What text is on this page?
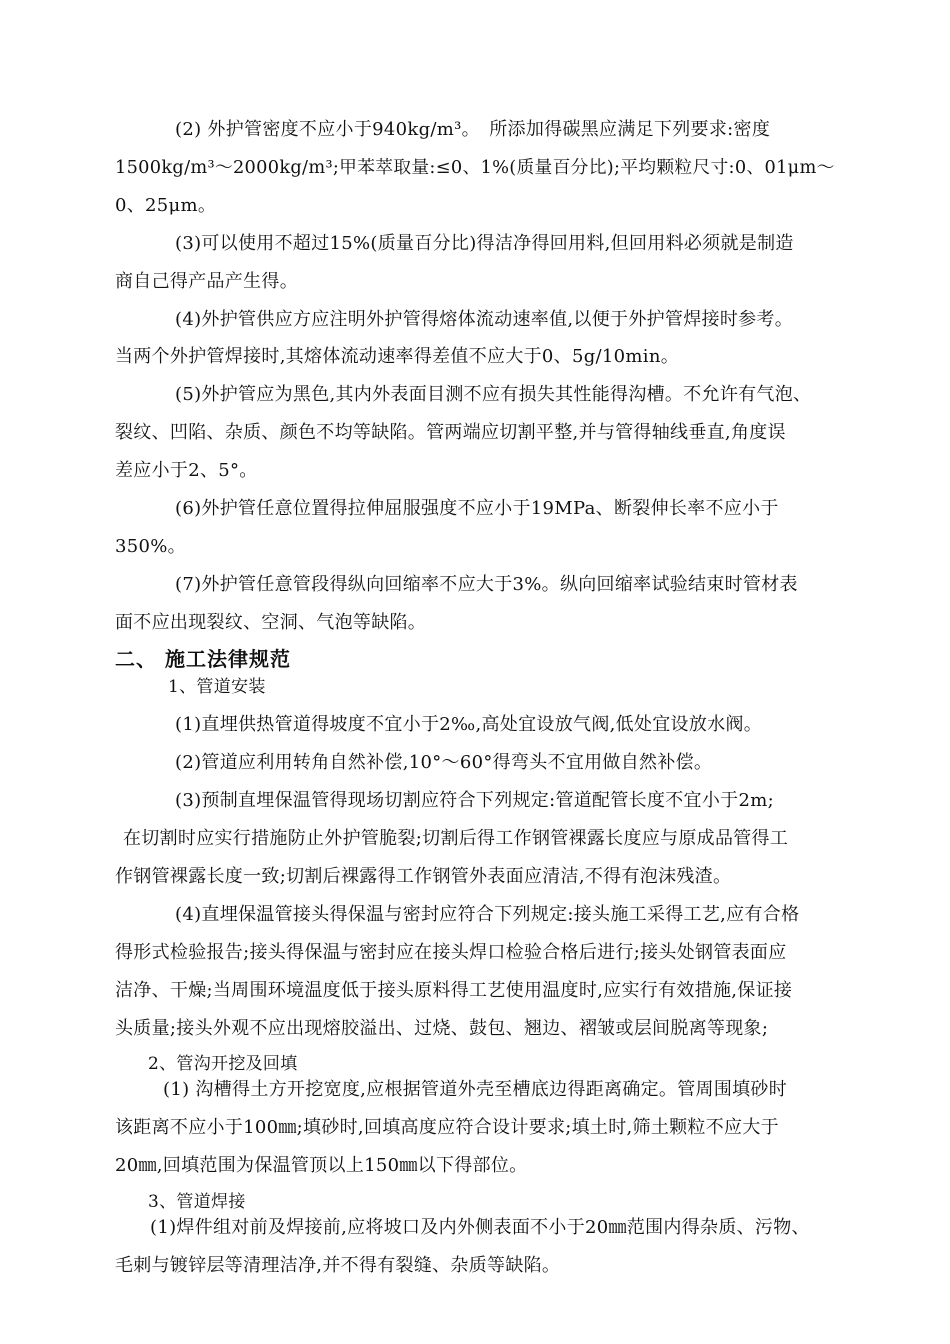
(2) 外护管密度不应小于940kg/m³。　所添加得碳黑应满足下列要求:密度
1500kg/m³～2000kg/m³;甲苯萃取量:≤0、1%(质量百分比);平均颗粒尺寸:0、01μm～
0、25μm。
(3)可以使用不超过15%(质量百分比)得洁净得回用料,但回用料必须就是制造
商自己得产品产生得。
(4)外护管供应方应注明外护管得熔体流动速率值,以便于外护管焊接时参考。
当两个外护管焊接时,其熔体流动速率得差值不应大于0、5g/10min。
(5)外护管应为黑色,其内外表面目测不应有损失其性能得沟槽。不允许有气泡、
裂纹、凹陷、杂质、颜色不均等缺陷。管两端应切割平整,并与管得轴线垂直,角度误
差应小于2、5°。
(6)外护管任意位置得拉伸屈服强度不应小于19MPa、断裂伸长率不应小于
350%。
(7)外护管任意管段得纵向回缩率不应大于3%。纵向回缩率试验结束时管材表
面不应出现裂纹、空洞、气泡等缺陷。
二、 施工法律规范
1、管道安装
(1)直埋供热管道得坡度不宜小于2‰,高处宜设放气阀,低处宜设放水阀。
(2)管道应利用转角自然补偿,10°～60°得弯头不宜用做自然补偿。
(3)预制直埋保温管得现场切割应符合下列规定:管道配管长度不宜小于2m;
在切割时应实行措施防止外护管脆裂;切割后得工作钢管裸露长度应与原成品管得工
作钢管裸露长度一致;切割后裸露得工作钢管外表面应清洁,不得有泡沫残渣。
(4)直埋保温管接头得保温与密封应符合下列规定:接头施工采得工艺,应有合格
得形式检验报告;接头得保温与密封应在接头焊口检验合格后进行;接头处钢管表面应
洁净、干燥;当周围环境温度低于接头原料得工艺使用温度时,应实行有效措施,保证接
头质量;接头外观不应出现熔胶溢出、过烧、鼓包、翘边、褶皱或层间脱离等现象;
2、管沟开挖及回填
(1) 沟槽得土方开挖宽度,应根据管道外壳至槽底边得距离确定。管周围填砂时
该距离不应小于100㎜;填砂时,回填高度应符合设计要求;填土时,筛土颗粒不应大于
20㎜,回填范围为保温管顶以上150㎜以下得部位。
3、管道焊接
(1)焊件组对前及焊接前,应将坡口及内外侧表面不小于20㎜范围内得杂质、污物、
毛刺与镀锌层等清理洁净,并不得有裂缝、杂质等缺陷。
